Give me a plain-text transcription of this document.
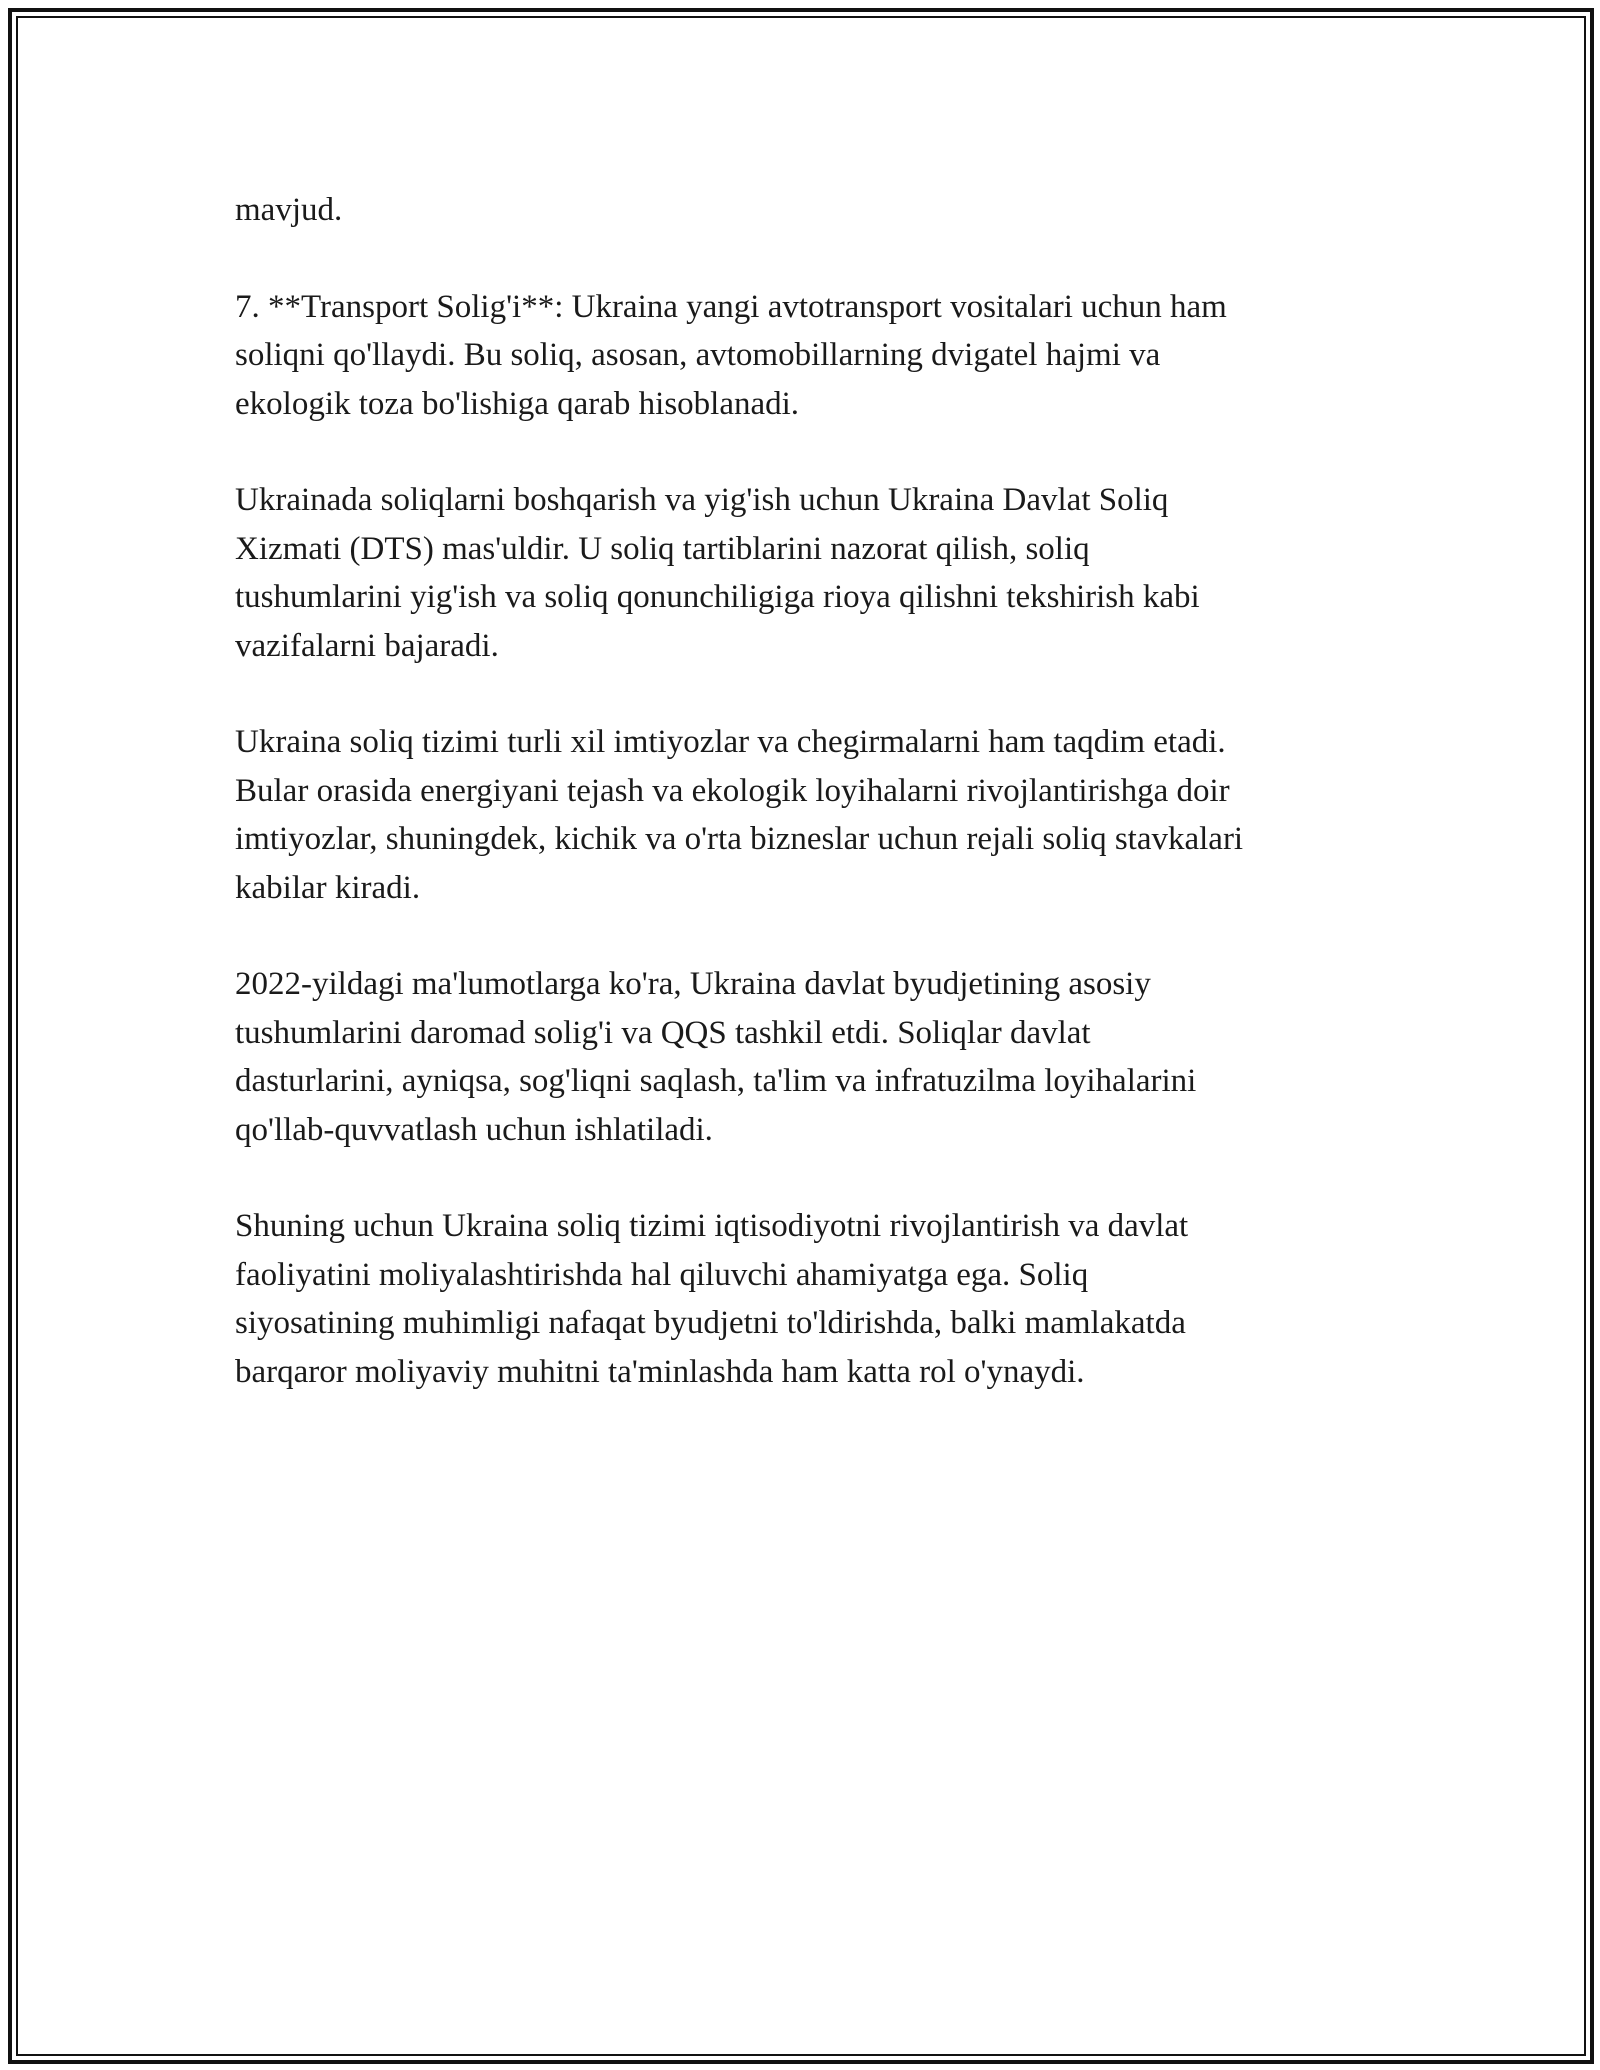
mavjud.

7. **Transport Solig'i**: Ukraina yangi avtotransport vositalari uchun ham
soliqni qo'llaydi. Bu soliq, asosan, avtomobillarning dvigatel hajmi va
ekologik toza bo'lishiga qarab hisoblanadi.

Ukrainada soliqlarni boshqarish va yig'ish uchun Ukraina Davlat Soliq
Xizmati (DTS) mas'uldir. U soliq tartiblarini nazorat qilish, soliq
tushumlarini yig'ish va soliq qonunchiligiga rioya qilishni tekshirish kabi
vazifalarni bajaradi.

Ukraina soliq tizimi turli xil imtiyozlar va chegirmalarni ham taqdim etadi.
Bular orasida energiyani tejash va ekologik loyihalarni rivojlantirishga doir
imtiyozlar, shuningdek, kichik va o'rta bizneslar uchun rejali soliq stavkalari
kabilar kiradi.

2022-yildagi ma'lumotlarga ko'ra, Ukraina davlat byudjetining asosiy
tushumlarini daromad solig'i va QQS tashkil etdi. Soliqlar davlat
dasturlarini, ayniqsa, sog'liqni saqlash, ta'lim va infratuzilma loyihalarini
qo'llab-quvvatlash uchun ishlatiladi.

Shuning uchun Ukraina soliq tizimi iqtisodiyotni rivojlantirish va davlat
faoliyatini moliyalashtirishda hal qiluvchi ahamiyatga ega. Soliq
siyosatining muhimligi nafaqat byudjetni to'ldirishda, balki mamlakatda
barqaror moliyaviy muhitni ta'minlashda ham katta rol o'ynaydi.
